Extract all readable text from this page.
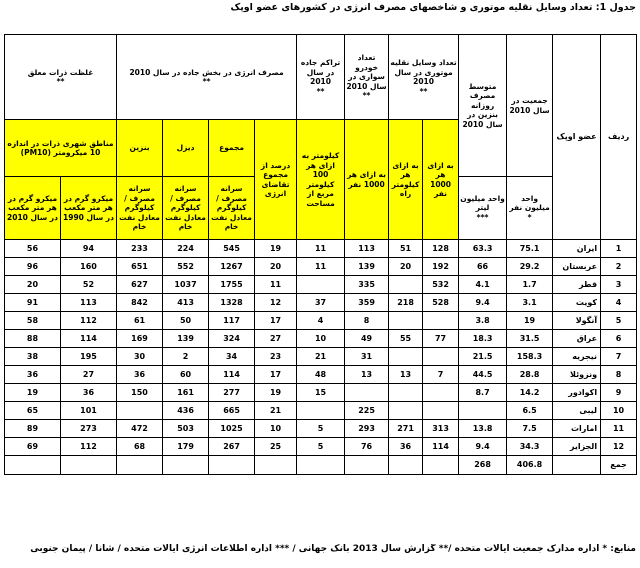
جدول 1: تعداد وسایل نقلیه موتوری و شاخصهای مصرف انرژی در کشورهای عضو اوپک
ردیف	عضو اوپک	جمعیت در سال 2010	متوسط مصرف روزانه بنزین در سال 2010	تعداد وسایل نقلیه موتوری در سال 2010
**		تعداد خودرو سواری در سال 2010
**	تراکم جاده در سال 2010
**	مصرف انرژی در بخش جاده در سال 2010
**				غلظت ذرات معلق
**	
				به ازای هر 1000 نفر	به ازای هر کیلومتر راه	به ازای هر 1000 نفر	کیلومتر به ازای هر 100 کیلومتر مربع از مساحت	درصد از مجموع تقاضای انرژی	مجموع	دیزل	بنزین	مناطق شهری ذرات در اندازه 10 میکرومتر (PM10)	
		واحد میلیون نفر
*	واحد میلیون لیتر
***						سرانه مصرف / کیلوگرم معادل نفت خام	سرانه مصرف / کیلوگرم معادل نفت خام	سرانه مصرف / کیلوگرم معادل نفت خام	میکرو گرم در هر متر مکعب در سال 1990	میکرو گرم در هر متر مکعب در سال 2010
1	ایران	75.1	63.3	128	51	113	11	19	545	224	233	94	56
2	عربستان	29.2	66	192	20	139	11	20	1267	552	651	160	96
3	قطر	1.7	4.1	532		335		11	1755	1037	627	52	20
4	کویت	3.1	9.4	528	218	359	37	12	1328	413	842	113	91
5	آنگولا	19	3.8			8	4	17	117	50	61	112	58
6	عراق	31.5	18.3	77	55	49	10	27	324	139	169	114	88
7	نیجریه	158.3	21.5			31	21	23	34	2	30	195	38
8	ونزوئلا	28.8	44.5	7	13	13	48	17	114	60	36	27	36
9	اکوادور	14.2	8.7				15	19	277	161	150	36	19
10	لیبی	6.5				225		21	665	436		101	65
11	امارات	7.5	13.8	313	271	293	5	10	1025	503	472	273	89
12	الجزایر	34.3	9.4	114	36	76	5	25	267	179	68	112	69
جمع		406.8	268										
منابع: * اداره مدارک جمعیت ایالات متحده /** گزارش سال 2013 بانک جهانی / *** اداره اطلاعات انرژی ایالات متحده / شانا / پیمان جنوبی
